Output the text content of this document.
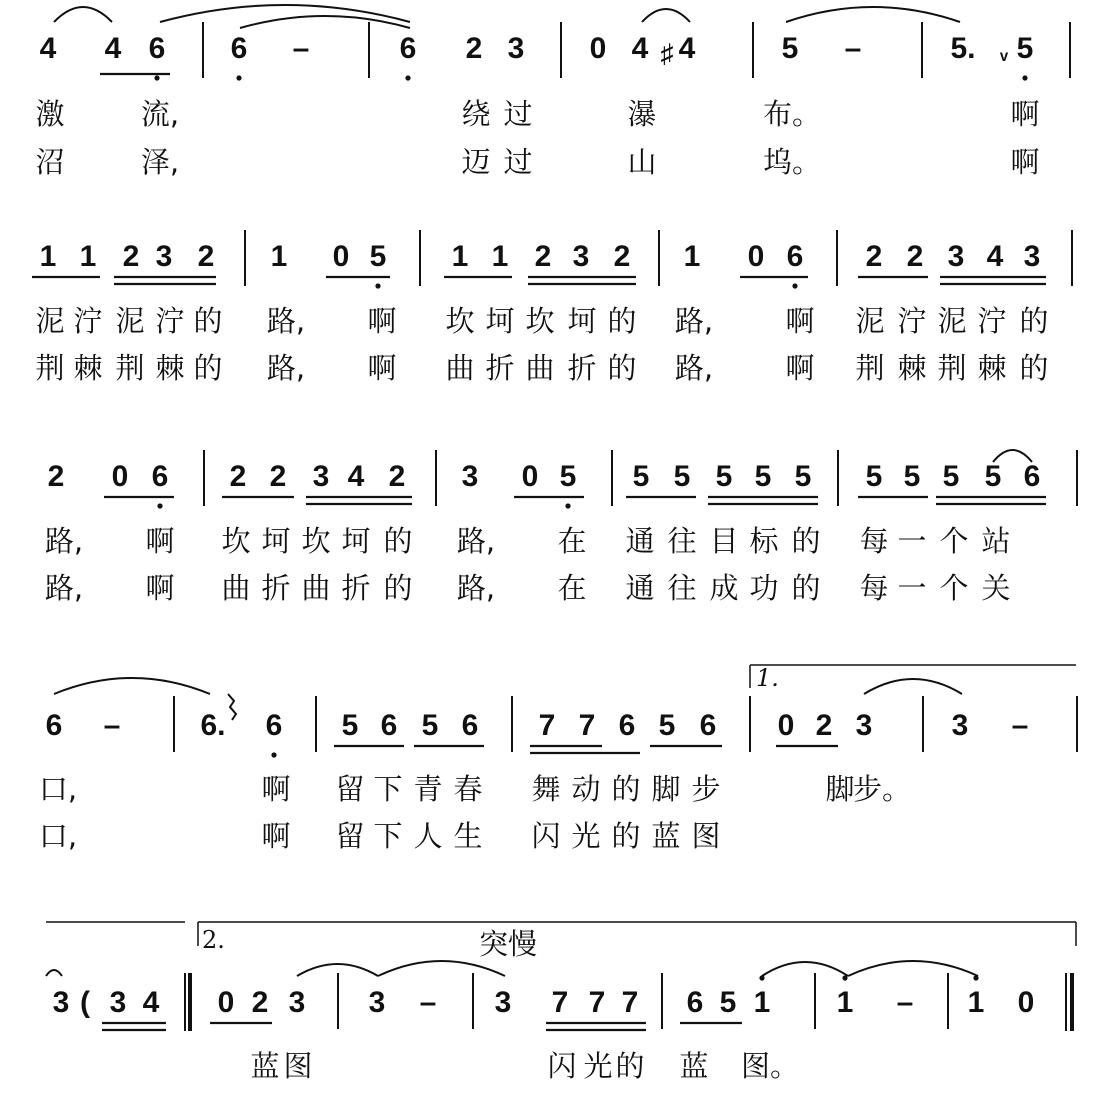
4 4 6 6 –	6 2 3 0 4 ♯ 4	5 –	5. ᵛ 5
1 1 2 3 2 1 0 5 1 1 2 3 2 1 0 6 2 2 3 4 3
2 0 6 2 2 3 4 2 3 0 5 5 5 5 5 5 5 5 5 5 6
6 –	6. 6 5 6 5 6 7 7 6 5 6 0 2 3	3 –
3 ( 3 4 0 2 3 3 – 3 7 7 7 6 5 1 1 – 1 0
1.
2.	突慢
激	流,	绕 过	瀑	布。	啊
沼	泽,	迈 过	山	坞。	啊
泥 泞 泥 泞 的 路, 啊 坎 坷 坎 坷 的 路, 啊 泥 泞 泥 泞 的
荆 棘 荆 棘 的 路, 啊 曲 折 曲 折 的 路, 啊 荆 棘 荆 棘 的
路, 啊 坎 坷 坎 坷 的 路, 在 通 往 目 标 的 每 一 个 站
路, 啊 曲 折 曲 折 的 路, 在 通 往 成 功 的 每 一 个 关
口,	啊 留 下 青 春 舞 动 的 脚 步	脚
步。
口,	啊 留 下 人 生 闪 光 的 蓝 图
蓝 图	闪 光 的 蓝 图。
